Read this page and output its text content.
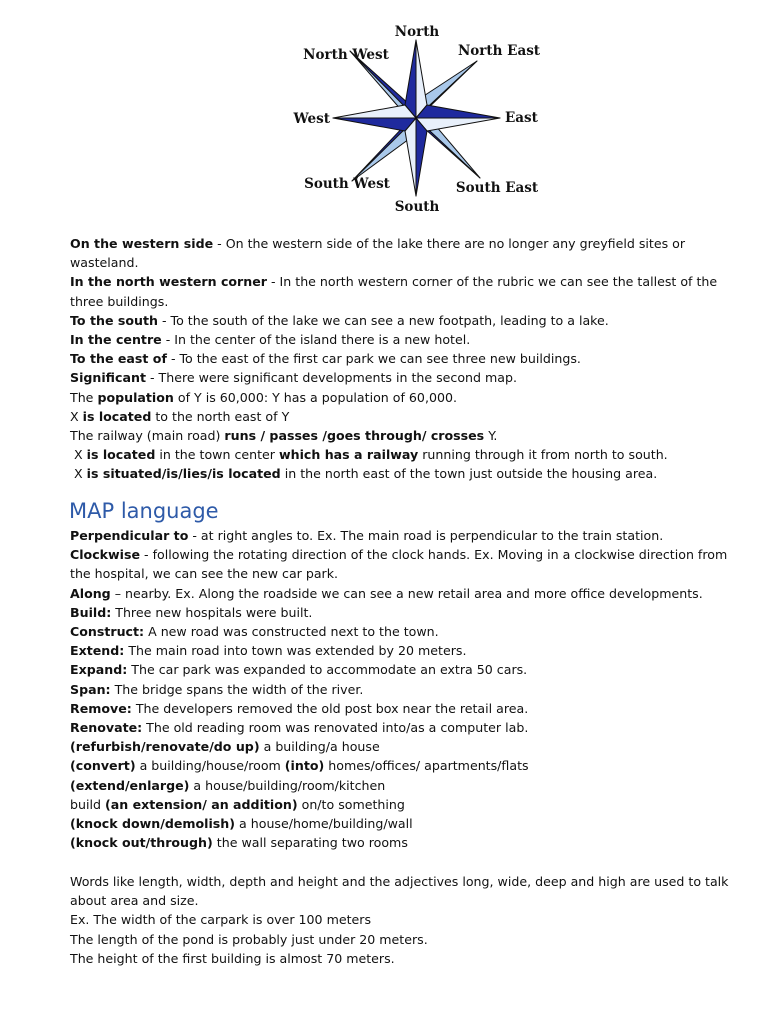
North
North West	North East
West	East
South West	South East
South

On the western side - On the western side of the lake there are no longer any greyfield sites or wasteland.

In the north western corner - In the north western corner of the rubric we can see the tallest of the three buildings.

To the south - To the south of the lake we can see a new footpath, leading to a lake.

In the centre - In the center of the island there is a new hotel.

To the east of - To the east of the first car park we can see three new buildings.

Significant - There were significant developments in the second map.

The population of Y is 60,000: Y has a population of 60,000.

X is located to the north east of Y

The railway (main road) runs / passes /goes through/ crosses Y.

X is located in the town center which has a railway running through it from north to south.

X is situated/is/lies/is located in the north east of the town just outside the housing area.

MAP language

Perpendicular to - at right angles to. Ex. The main road is perpendicular to the train station.

Clockwise - following the rotating direction of the clock hands. Ex. Moving in a clockwise direction from the hospital, we can see the new car park.

Along – nearby. Ex. Along the roadside we can see a new retail area and more office developments.

Build: Three new hospitals were built.

Construct: A new road was constructed next to the town.

Extend: The main road into town was extended by 20 meters.

Expand: The car park was expanded to accommodate an extra 50 cars.

Span: The bridge spans the width of the river.

Remove: The developers removed the old post box near the retail area.

Renovate: The old reading room was renovated into/as a computer lab.

(refurbish/renovate/do up) a building/a house

(convert) a building/house/room (into) homes/offices/ apartments/flats

(extend/enlarge) a house/building/room/kitchen

build (an extension/ an addition) on/to something

(knock down/demolish) a house/home/building/wall

(knock out/through) the wall separating two rooms

Words like length, width, depth and height and the adjectives long, wide, deep and high are used to talk about area and size.

Ex. The width of the carpark is over 100 meters

The length of the pond is probably just under 20 meters.

The height of the first building is almost 70 meters.
